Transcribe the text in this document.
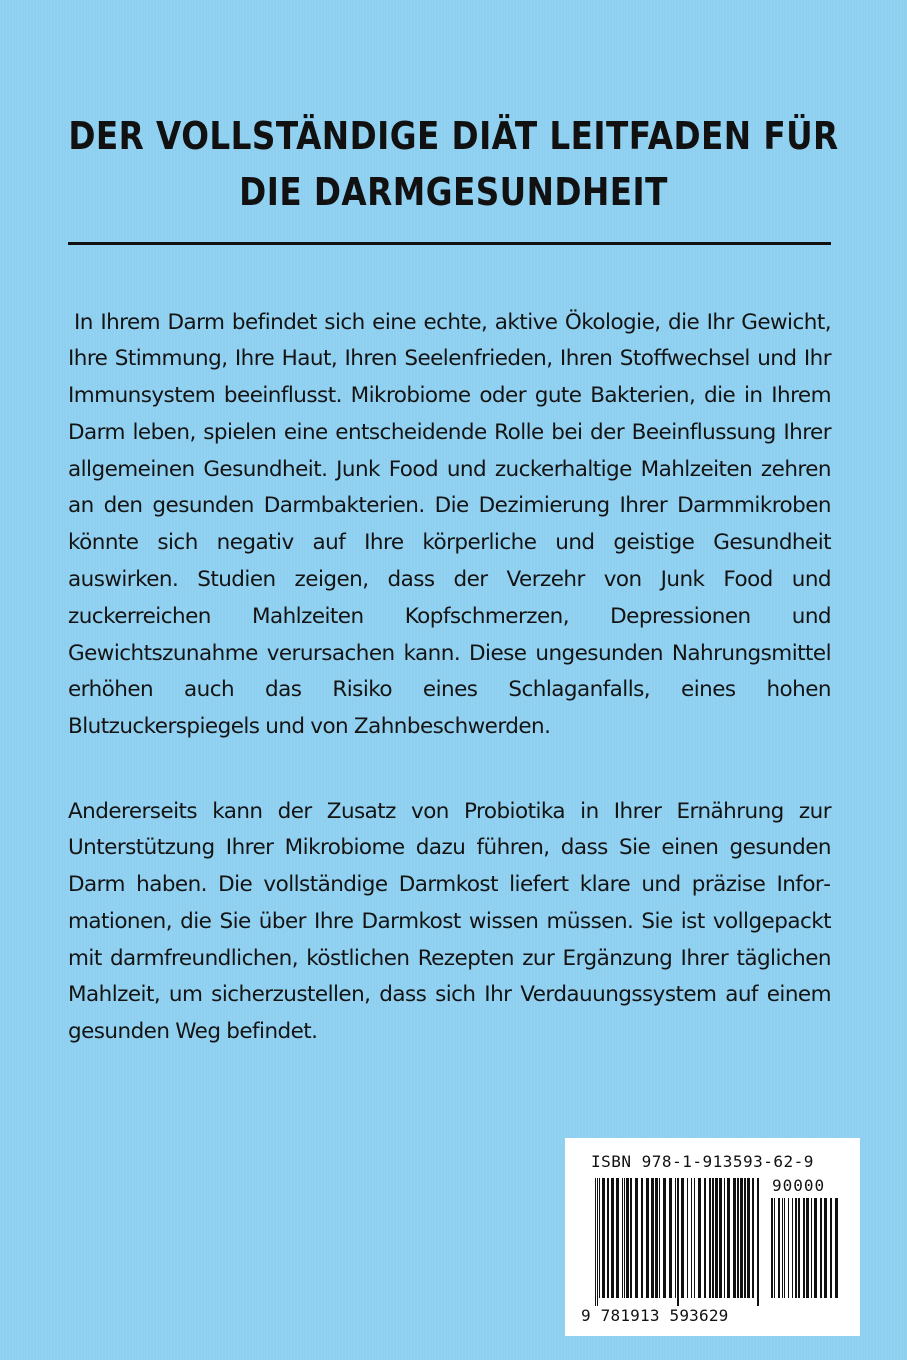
DER VOLLSTÄNDIGE DIÄT LEITFADEN FÜR
DIE DARMGESUNDHEIT

In Ihrem Darm befindet sich eine echte, aktive Ökologie, die Ihr Gewicht, Ihre Stimmung, Ihre Haut, Ihren Seelenfrieden, Ihren Stoffwechsel und Ihr Immunsystem beeinflusst. Mikrobiome oder gute Bakterien, die in Ihrem Darm leben, spielen eine entscheidende Rolle bei der Beeinflussung Ihrer allgemeinen Gesundheit. Junk Food und zuckerhaltige Mahlzeiten zehren an den gesunden Darmbakterien. Die Dezimierung Ihrer Darmmikroben könnte sich negativ auf Ihre körperliche und geistige Gesundheit auswirken. Studien zeigen, dass der Verzehr von Junk Food und zuckerreichen Mahlzeiten Kopfschmerzen, Depressionen und Gewichtszunahme verursachen kann. Diese ungesunden Nahrungsmittel erhöhen auch das Risiko eines Schlaganfalls, eines hohen Blutzuckerspiegels und von Zahnbeschwerden.

Andererseits kann der Zusatz von Probiotika in Ihrer Ernährung zur Unterstützung Ihrer Mikrobiome dazu führen, dass Sie einen gesunden Darm haben. Die vollständige Darmkost liefert klare und präzise Informationen, die Sie über Ihre Darmkost wissen müssen. Sie ist vollgepackt mit darmfreundlichen, köstlichen Rezepten zur Ergänzung Ihrer täglichen Mahlzeit, um sicherzustellen, dass sich Ihr Verdauungssystem auf einem gesunden Weg befindet.

ISBN 978-1-913593-62-9
90000
9 781913 593629
